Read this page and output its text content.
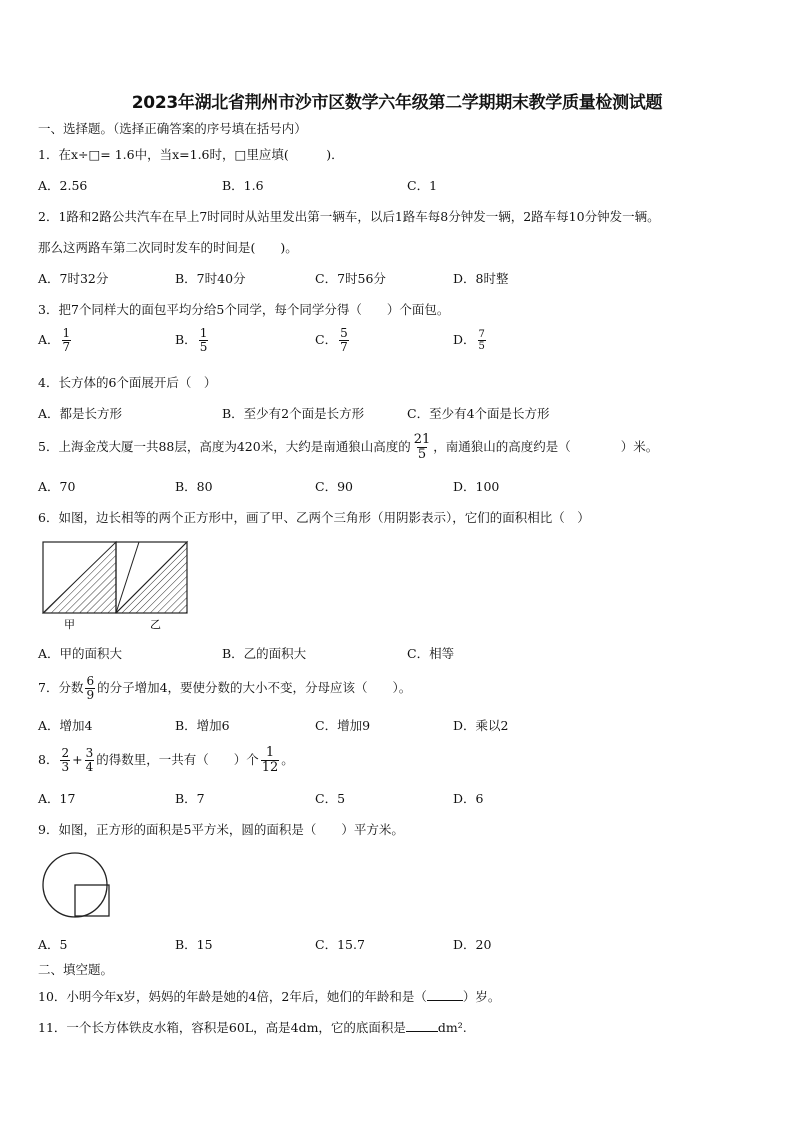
2023年湖北省荆州市沙市区数学六年级第二学期期末教学质量检测试题
一、选择题。（选择正确答案的序号填在括号内）
1．在x÷□= 1.6中，当x=1.6时，□里应填(　　　)．
A．2.56	B．1.6	C．1
2．1路和2路公共汽车在早上7时同时从站里发出第一辆车，以后1路车每8分钟发一辆，2路车每10分钟发一辆。
那么这两路车第二次同时发车的时间是(　　)。
A．7时32分	B．7时40分	C．7时56分	D．8时整
3．把7个同样大的面包平均分给5个同学，每个同学分得（　　）个面包。
A． $\frac{1}{7}$	B． $\frac{1}{5}$	C． $\frac{5}{7}$	D． $\frac{7}{5}$
4．长方体的6个面展开后（　）
A．都是长方形	B．至少有2个面是长方形	C．至少有4个面是长方形
5．上海金茂大厦一共88层，高度为420米，大约是南通狼山高度的 $\frac{21}{5}$ ，南通狼山的高度约是（　　　　）米。
A．70	B．80	C．90	D．100
6．如图，边长相等的两个正方形中，画了甲、乙两个三角形（用阴影表示），它们的面积相比（　）
甲	乙
A．甲的面积大	B．乙的面积大	C．相等
7．分数 $\frac{6}{9}$ 的分子增加4，要使分数的大小不变，分母应该（　　）。
A．增加4	B．增加6	C．增加9	D．乘以2
8． $\frac{2}{3} + \frac{3}{4}$ 的得数里，一共有（　　）个 $\frac{1}{12}$ 。
A．17	B．7	C．5	D．6
9．如图，正方形的面积是5平方米，圆的面积是（　　）平方米。
A．5	B．15	C．15.7	D．20
二、填空题。
10．小明今年x岁，妈妈的年龄是她的4倍，2年后，她们的年龄和是（	）岁。
11．一个长方体铁皮水箱，容积是60L，高是4dm，它的底面积是	dm².
